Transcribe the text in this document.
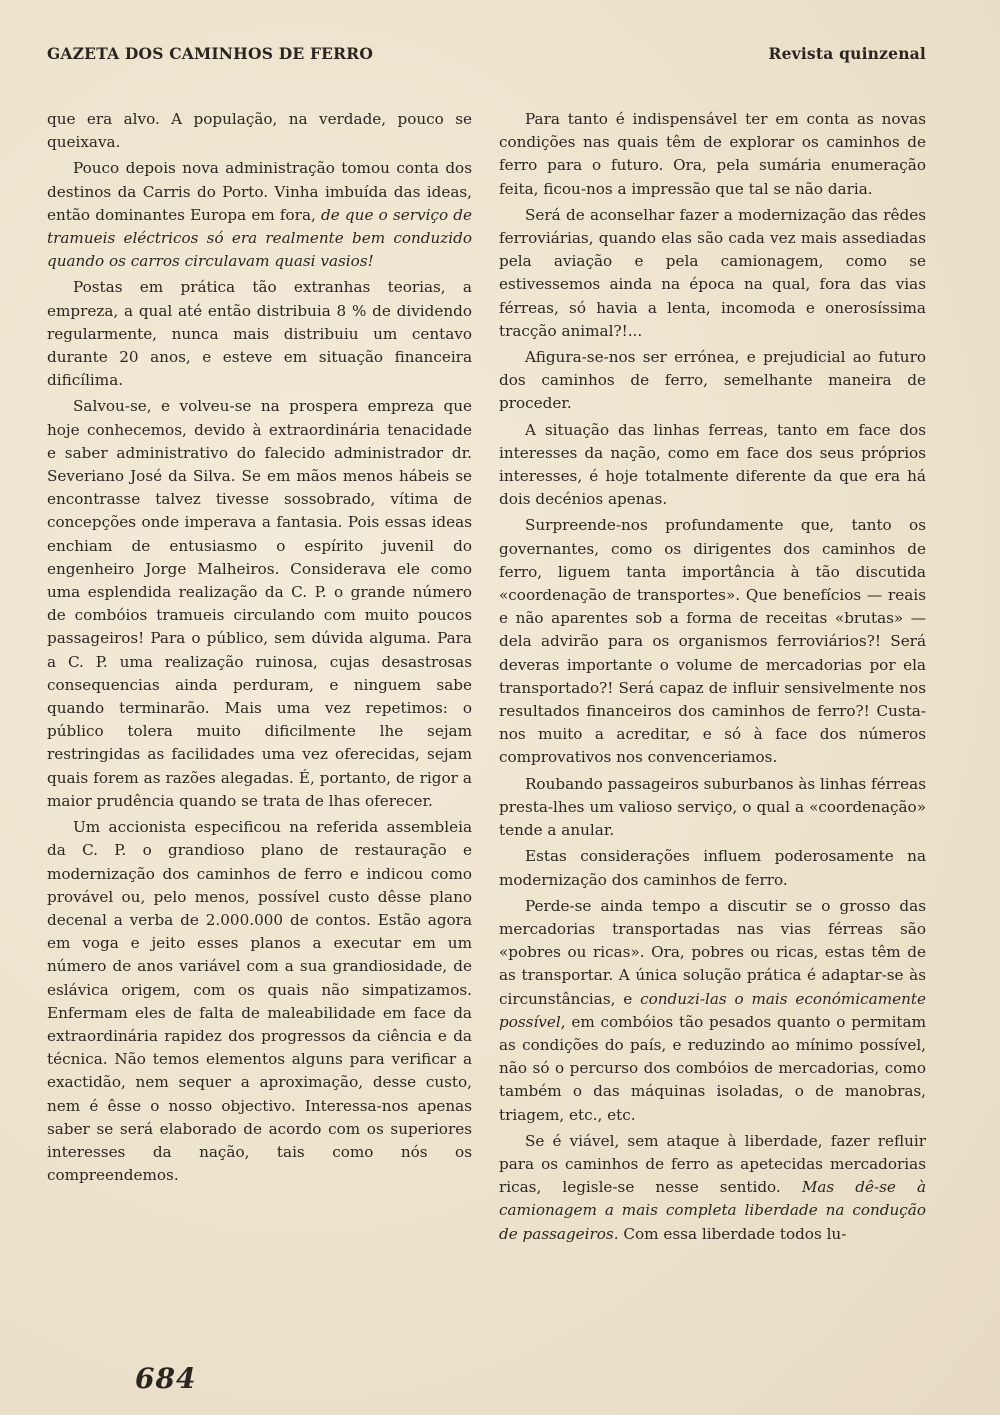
GAZETA DOS CAMINHOS DE FERRO	Revista quinzenal

que era alvo. A população, na verdade, pouco se queixava.

Pouco depois nova administração tomou conta dos destinos da Carris do Porto. Vinha imbuída das ideas, então dominantes Europa em fora, de que o serviço de tramueis eléctricos só era realmente bem conduzido quando os carros circulavam quasi vasios!

Postas em prática tão extranhas teorias, a empreza, a qual até então distribuia 8 % de dividendo regularmente, nunca mais distribuiu um centavo durante 20 anos, e esteve em situação financeira dificílima.

Salvou-se, e volveu-se na prospera empreza que hoje conhecemos, devido à extraordinária tenacidade e saber administrativo do falecido administrador dr. Severiano José da Silva. Se em mãos menos hábeis se encontrasse talvez tivesse sossobrado, vítima de concepções onde imperava a fantasia. Pois essas ideas enchiam de entusiasmo o espírito juvenil do engenheiro Jorge Malheiros. Considerava ele como uma esplendida realização da C. P. o grande número de combóios tramueis circulando com muito poucos passageiros! Para o público, sem dúvida alguma. Para a C. P. uma realização ruinosa, cujas desastrosas consequencias ainda perduram, e ninguem sabe quando terminarão. Mais uma vez repetimos: o público tolera muito dificilmente lhe sejam restringidas as facilidades uma vez oferecidas, sejam quais forem as razões alegadas. É, portanto, de rigor a maior prudência quando se trata de lhas oferecer.

Um accionista especificou na referida assembleia da C. P. o grandioso plano de restauração e modernização dos caminhos de ferro e indicou como provável ou, pelo menos, possível custo dêsse plano decenal a verba de 2.000.000 de contos. Estão agora em voga e jeito esses planos a executar em um número de anos variável com a sua grandiosidade, de eslávica origem, com os quais não simpatizamos. Enfermam eles de falta de maleabilidade em face da extraordinária rapidez dos progressos da ciência e da técnica. Não temos elementos alguns para verificar a exactidão, nem sequer a aproximação, desse custo, nem é êsse o nosso objectivo. Interessa-nos apenas saber se será elaborado de acordo com os superiores interesses da nação, tais como nós os compreendemos.

Para tanto é indispensável ter em conta as novas condições nas quais têm de explorar os caminhos de ferro para o futuro. Ora, pela sumária enumeração feita, ficou-nos a impressão que tal se não daria.

Será de aconselhar fazer a modernização das rêdes ferroviárias, quando elas são cada vez mais assediadas pela aviação e pela camionagem, como se estivessemos ainda na época na qual, fora das vias férreas, só havia a lenta, incomoda e onerosíssima tracção animal?!...

Afigura-se-nos ser errónea, e prejudicial ao futuro dos caminhos de ferro, semelhante maneira de proceder.

A situação das linhas ferreas, tanto em face dos interesses da nação, como em face dos seus próprios interesses, é hoje totalmente diferente da que era há dois decénios apenas.

Surpreende-nos profundamente que, tanto os governantes, como os dirigentes dos caminhos de ferro, liguem tanta importância à tão discutida «coordenação de transportes». Que benefícios — reais e não aparentes sob a forma de receitas «brutas» — dela advirão para os organismos ferroviários?! Será deveras importante o volume de mercadorias por ela transportado?! Será capaz de influir sensivelmente nos resultados financeiros dos caminhos de ferro?! Custa-nos muito a acreditar, e só à face dos números comprovativos nos convenceriamos.

Roubando passageiros suburbanos às linhas férreas presta-lhes um valioso serviço, o qual a «coordenação» tende a anular.

Estas considerações influem poderosamente na modernização dos caminhos de ferro.

Perde-se ainda tempo a discutir se o grosso das mercadorias transportadas nas vias férreas são «pobres ou ricas». Ora, pobres ou ricas, estas têm de as transportar. A única solução prática é adaptar-se às circunstâncias, e conduzi-las o mais económicamente possível, em combóios tão pesados quanto o permitam as condições do país, e reduzindo ao mínimo possível, não só o percurso dos combóios de mercadorias, como também o das máquinas isoladas, o de manobras, triagem, etc., etc.

Se é viável, sem ataque à liberdade, fazer refluir para os caminhos de ferro as apetecidas mercadorias ricas, legisle-se nesse sentido. Mas dê-se à camionagem a mais completa liberdade na condução de passageiros. Com essa liberdade todos lu-

684
